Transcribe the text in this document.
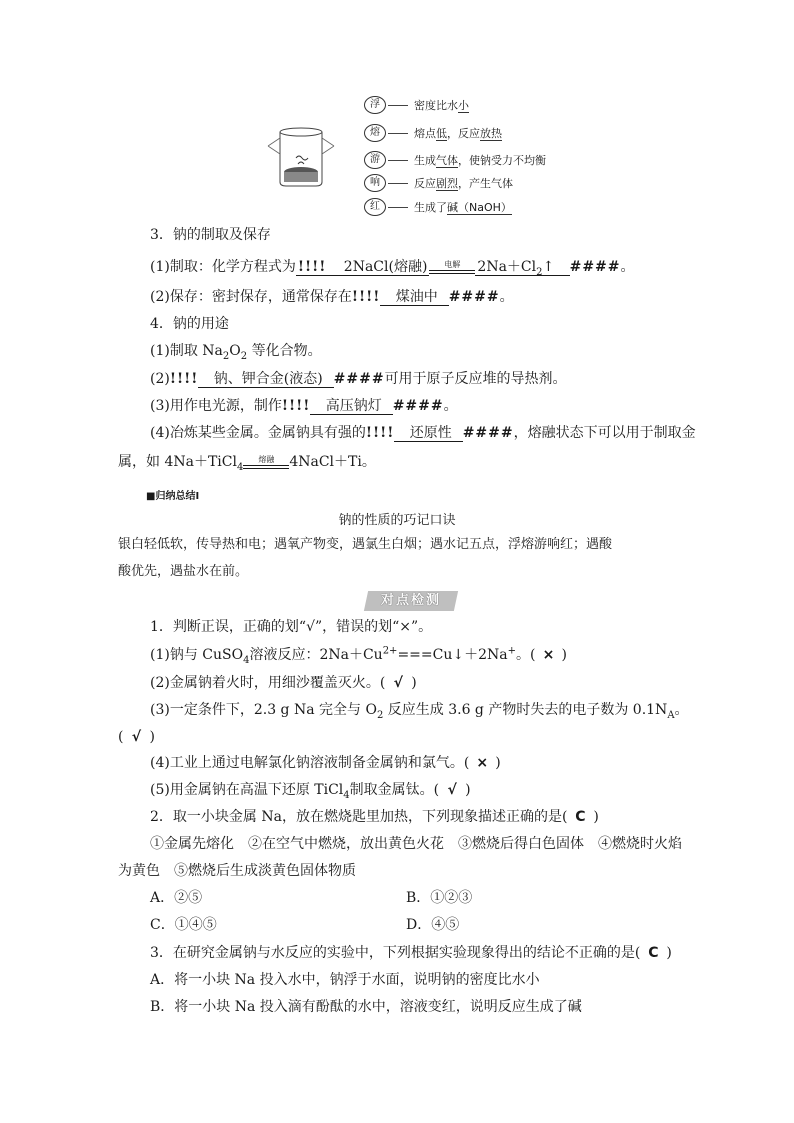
浮	密度比水小
熔	熔点低，反应放热
游	生成气体，使钠受力不均衡
响	反应剧烈，产生气体
红	生成了碱（NaOH）
3．钠的制取及保存
(1)制取：化学方程式为 !!!! 2NaCl(熔融)	电解	$2Na+Cl_2↑$   ####。
(2)保存：密封保存，通常保存在!!!! 煤油中 ####。
4．钠的用途
(1)制取 $Na_2O_2$ 等化合物。
(2)!!!! 钠、钾合金(液态) ####可用于原子反应堆的导热剂。
(3)用作电光源，制作!!!! 高压钠灯 ####。
(4)冶炼某些金属。金属钠具有强的!!!! 还原性 ####，熔融状态下可以用于制取金
属，如 4Na＋TiCl$_4$
熔融	4NaCl＋Ti。
■归纳总结Ⅰ
钠的性质的巧记口诀
银白轻低软，传导热和电；遇氧产物变，遇氯生白烟；遇水记五点，浮熔游响红；遇酸
酸优先，遇盐水在前。
对点检测
1．判断正误，正确的划“√”，错误的划“×”。
(1)钠与 CuSO$_4$溶液反应：$2Na+Cu^{2+}===Cu↓+2Na^+$。( × )
(2)金属钠着火时，用细沙覆盖灭火。( √ )
(3)一定条件下，2.3 g Na 完全与 $O_2$ 反应生成 3.6 g 产物时失去的电子数为 $0.1N_A$。
( √ )
(4)工业上通过电解氯化钠溶液制备金属钠和氯气。( × )
(5)用金属钠在高温下还原 TiCl$_4$制取金属钛。( √ )
2．取一小块金属 Na，放在燃烧匙里加热，下列现象描述正确的是( C )
①金属先熔化　②在空气中燃烧，放出黄色火花　③燃烧后得白色固体　④燃烧时火焰
为黄色　⑤燃烧后生成淡黄色固体物质
A．②⑤	B．①②③
C．①④⑤	D．④⑤
3．在研究金属钠与水反应的实验中，下列根据实验现象得出的结论不正确的是( C )
A．将一小块 Na 投入水中，钠浮于水面，说明钠的密度比水小
B．将一小块 Na 投入滴有酚酞的水中，溶液变红，说明反应生成了碱
